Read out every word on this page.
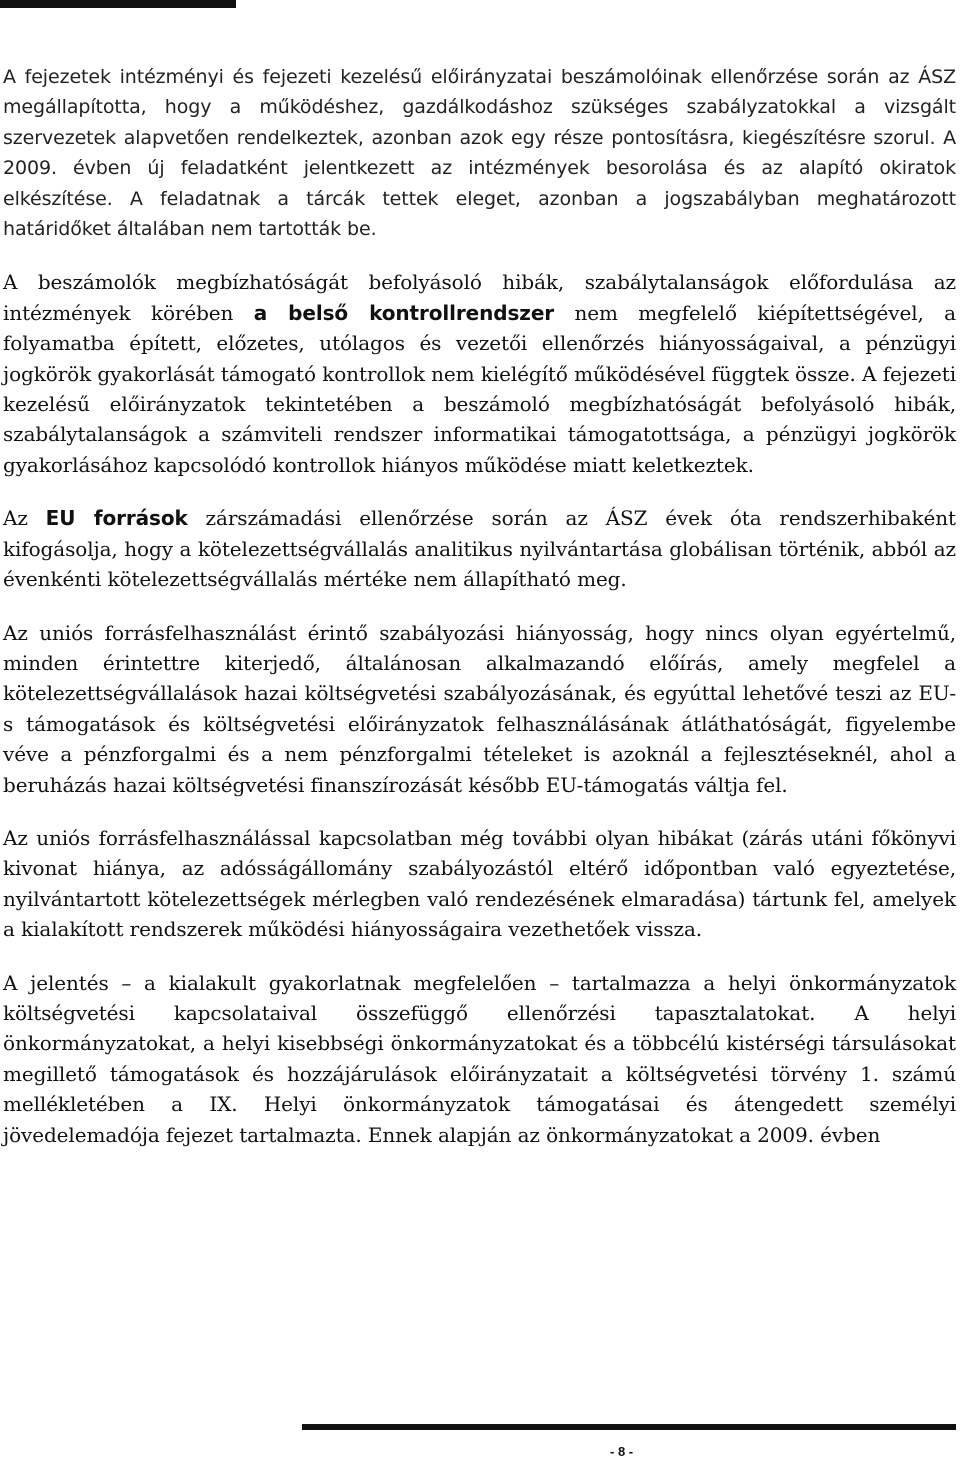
A fejezetek intézményi és fejezeti kezelésű előirányzatai beszámolóinak ellenőrzése során az ÁSZ megállapította, hogy a működéshez, gazdálkodáshoz szükséges szabályzatokkal a vizsgált szervezetek alapvetően rendelkeztek, azonban azok egy része pontosításra, kiegészítésre szorul. A 2009. évben új feladatként jelentkezett az intézmények besorolása és az alapító okiratok elkészítése. A feladatnak a tárcák tettek eleget, azonban a jogszabályban meghatározott határidőket általában nem tartották be.

A beszámolók megbízhatóságát befolyásoló hibák, szabálytalanságok előfordulása az intézmények körében a belső kontrollrendszer nem megfelelő kiépítettségével, a folyamatba épített, előzetes, utólagos és vezetői ellenőrzés hiányosságaival, a pénzügyi jogkörök gyakorlását támogató kontrollok nem kielégítő működésével függtek össze. A fejezeti kezelésű előirányzatok tekintetében a beszámoló megbízhatóságát befolyásoló hibák, szabálytalanságok a számviteli rendszer informatikai támogatottsága, a pénzügyi jogkörök gyakorlásához kapcsolódó kontrollok hiányos működése miatt keletkeztek.

Az EU források zárszámadási ellenőrzése során az ÁSZ évek óta rendszerhibaként kifogásolja, hogy a kötelezettségvállalás analitikus nyilvántartása globálisan történik, abból az évenkénti kötelezettségvállalás mértéke nem állapítható meg.

Az uniós forrásfelhasználást érintő szabályozási hiányosság, hogy nincs olyan egyértelmű, minden érintettre kiterjedő, általánosan alkalmazandó előírás, amely megfelel a kötelezettségvállalások hazai költségvetési szabályozásának, és egyúttal lehetővé teszi az EU-s támogatások és költségvetési előirányzatok felhasználásának átláthatóságát, figyelembe véve a pénzforgalmi és a nem pénzforgalmi tételeket is azoknál a fejlesztéseknél, ahol a beruházás hazai költségvetési finanszírozását később EU-támogatás váltja fel.

Az uniós forrásfelhasználással kapcsolatban még további olyan hibákat (zárás utáni főkönyvi kivonat hiánya, az adósságállomány szabályozástól eltérő időpontban való egyeztetése, nyilvántartott kötelezettségek mérlegben való rendezésének elmaradása) tártunk fel, amelyek a kialakított rendszerek működési hiányosságaira vezethetőek vissza.

A jelentés – a kialakult gyakorlatnak megfelelően – tartalmazza a helyi önkormányzatok költségvetési kapcsolataival összefüggő ellenőrzési tapasztalatokat. A helyi önkormányzatokat, a helyi kisebbségi önkormányzatokat és a többcélú kistérségi társulásokat megillető támogatások és hozzájárulások előirányzatait a költségvetési törvény 1. számú mellékletében a IX. Helyi önkormányzatok támogatásai és átengedett személyi jövedelemadója fejezet tartalmazta. Ennek alapján az önkormányzatokat a 2009. évben

- 8 -
